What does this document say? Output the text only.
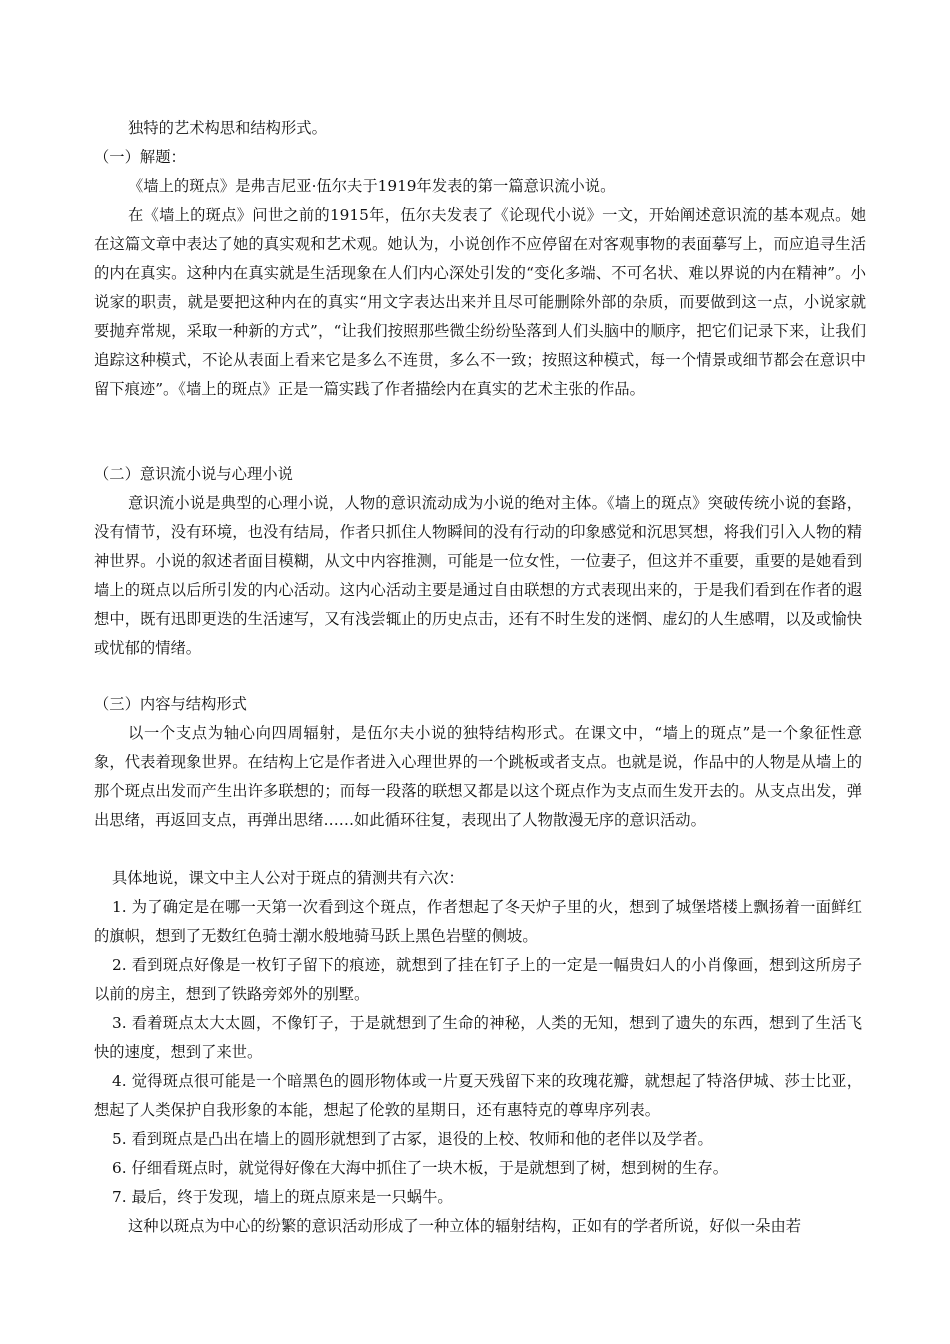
独特的艺术构思和结构形式。

（一）解题：

《墙上的斑点》是弗吉尼亚·伍尔夫于1919年发表的第一篇意识流小说。

在《墙上的斑点》问世之前的1915年，伍尔夫发表了《论现代小说》一文，开始阐述意识流的基本观点。她在这篇文章中表达了她的真实观和艺术观。她认为，小说创作不应停留在对客观事物的表面摹写上，而应追寻生活的内在真实。这种内在真实就是生活现象在人们内心深处引发的“变化多端、不可名状、难以界说的内在精神”。小说家的职责，就是要把这种内在的真实“用文字表达出来并且尽可能删除外部的杂质，而要做到这一点，小说家就要抛弃常规，采取一种新的方式”，“让我们按照那些微尘纷纷坠落到人们头脑中的顺序，把它们记录下来，让我们追踪这种模式，不论从表面上看来它是多么不连贯，多么不一致；按照这种模式，每一个情景或细节都会在意识中留下痕迹”。《墙上的斑点》正是一篇实践了作者描绘内在真实的艺术主张的作品。

（二）意识流小说与心理小说

意识流小说是典型的心理小说，人物的意识流动成为小说的绝对主体。《墙上的斑点》突破传统小说的套路，没有情节，没有环境，也没有结局，作者只抓住人物瞬间的没有行动的印象感觉和沉思冥想，将我们引入人物的精神世界。小说的叙述者面目模糊，从文中内容推测，可能是一位女性，一位妻子，但这并不重要，重要的是她看到墙上的斑点以后所引发的内心活动。这内心活动主要是通过自由联想的方式表现出来的，于是我们看到在作者的遐想中，既有迅即更迭的生活速写，又有浅尝辄止的历史点击，还有不时生发的迷惘、虚幻的人生感喟，以及或愉快或忧郁的情绪。

（三）内容与结构形式

以一个支点为轴心向四周辐射，是伍尔夫小说的独特结构形式。在课文中，“墙上的斑点”是一个象征性意象，代表着现象世界。在结构上它是作者进入心理世界的一个跳板或者支点。也就是说，作品中的人物是从墙上的那个斑点出发而产生出许多联想的；而每一段落的联想又都是以这个斑点作为支点而生发开去的。从支点出发，弹出思绪，再返回支点，再弹出思绪……如此循环往复，表现出了人物散漫无序的意识活动。

具体地说，课文中主人公对于斑点的猜测共有六次：

1. 为了确定是在哪一天第一次看到这个斑点，作者想起了冬天炉子里的火，想到了城堡塔楼上飘扬着一面鲜红的旗帜，想到了无数红色骑士潮水般地骑马跃上黑色岩壁的侧坡。

2. 看到斑点好像是一枚钉子留下的痕迹，就想到了挂在钉子上的一定是一幅贵妇人的小肖像画，想到这所房子以前的房主，想到了铁路旁郊外的别墅。

3. 看着斑点太大太圆，不像钉子，于是就想到了生命的神秘，人类的无知，想到了遗失的东西，想到了生活飞快的速度，想到了来世。

4. 觉得斑点很可能是一个暗黑色的圆形物体或一片夏天残留下来的玫瑰花瓣，就想起了特洛伊城、莎士比亚，想起了人类保护自我形象的本能，想起了伦敦的星期日，还有惠特克的尊卑序列表。

5. 看到斑点是凸出在墙上的圆形就想到了古冢，退役的上校、牧师和他的老伴以及学者。

6. 仔细看斑点时，就觉得好像在大海中抓住了一块木板，于是就想到了树，想到树的生存。

7. 最后，终于发现，墙上的斑点原来是一只蜗牛。

这种以斑点为中心的纷繁的意识活动形成了一种立体的辐射结构，正如有的学者所说，好似一朵由若
